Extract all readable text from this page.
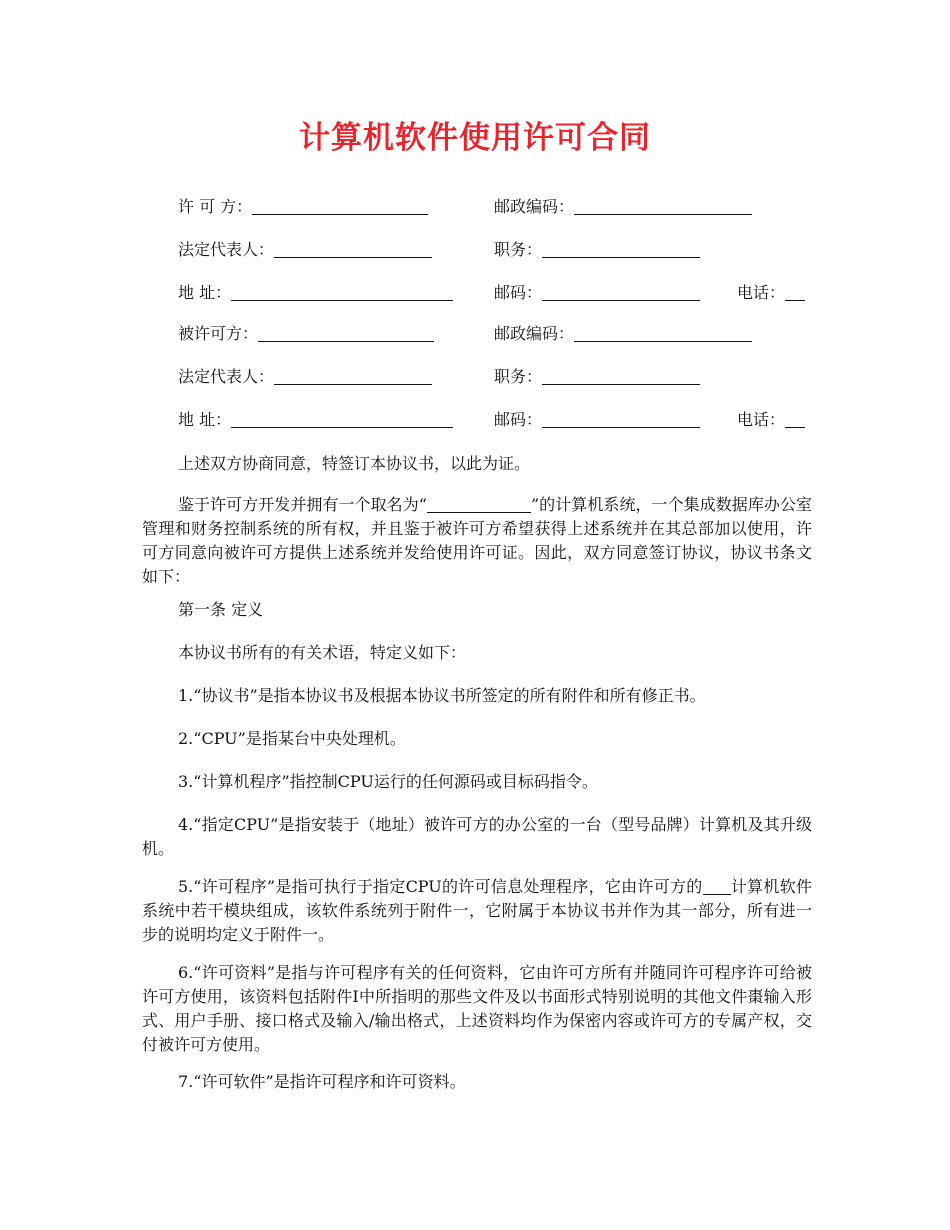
计算机软件使用许可合同
许 可 方：	邮政编码：
法定代表人：	职务：
地 址：	邮码：	电话：
被许可方：	邮政编码：
法定代表人：	职务：
地 址：	邮码：	电话：
上述双方协商同意，特签订本协议书，以此为证。
鉴于许可方开发并拥有一个取名为“	”的计算机系统，一个集成数据库办公室管理和财务控制系统的所有权，并且鉴于被许可方希望获得上述系统并在其总部加以使用，许可方同意向被许可方提供上述系统并发给使用许可证。因此，双方同意签订协议，协议书条文如下：
第一条 定义
本协议书所有的有关术语，特定义如下：
1.“协议书”是指本协议书及根据本协议书所签定的所有附件和所有修正书。
2.“CPU”是指某台中央处理机。
3.“计算机程序”指控制CPU运行的任何源码或目标码指令。
4.“指定CPU”是指安装于（地址）被许可方的办公室的一台（型号品牌）计算机及其升级机。
5.“许可程序”是指可执行于指定CPU的许可信息处理程序，它由许可方的 计算机软件系统中若干模块组成，该软件系统列于附件一，它附属于本协议书并作为其一部分，所有进一步的说明均定义于附件一。
6.“许可资料”是指与许可程序有关的任何资料，它由许可方所有并随同许可程序许可给被许可方使用，该资料包括附件I中所指明的那些文件及以书面形式特别说明的其他文件棗输入形式、用户手册、接口格式及输入/输出格式，上述资料均作为保密内容或许可方的专属产权，交付被许可方使用。
7.“许可软件”是指许可程序和许可资料。
